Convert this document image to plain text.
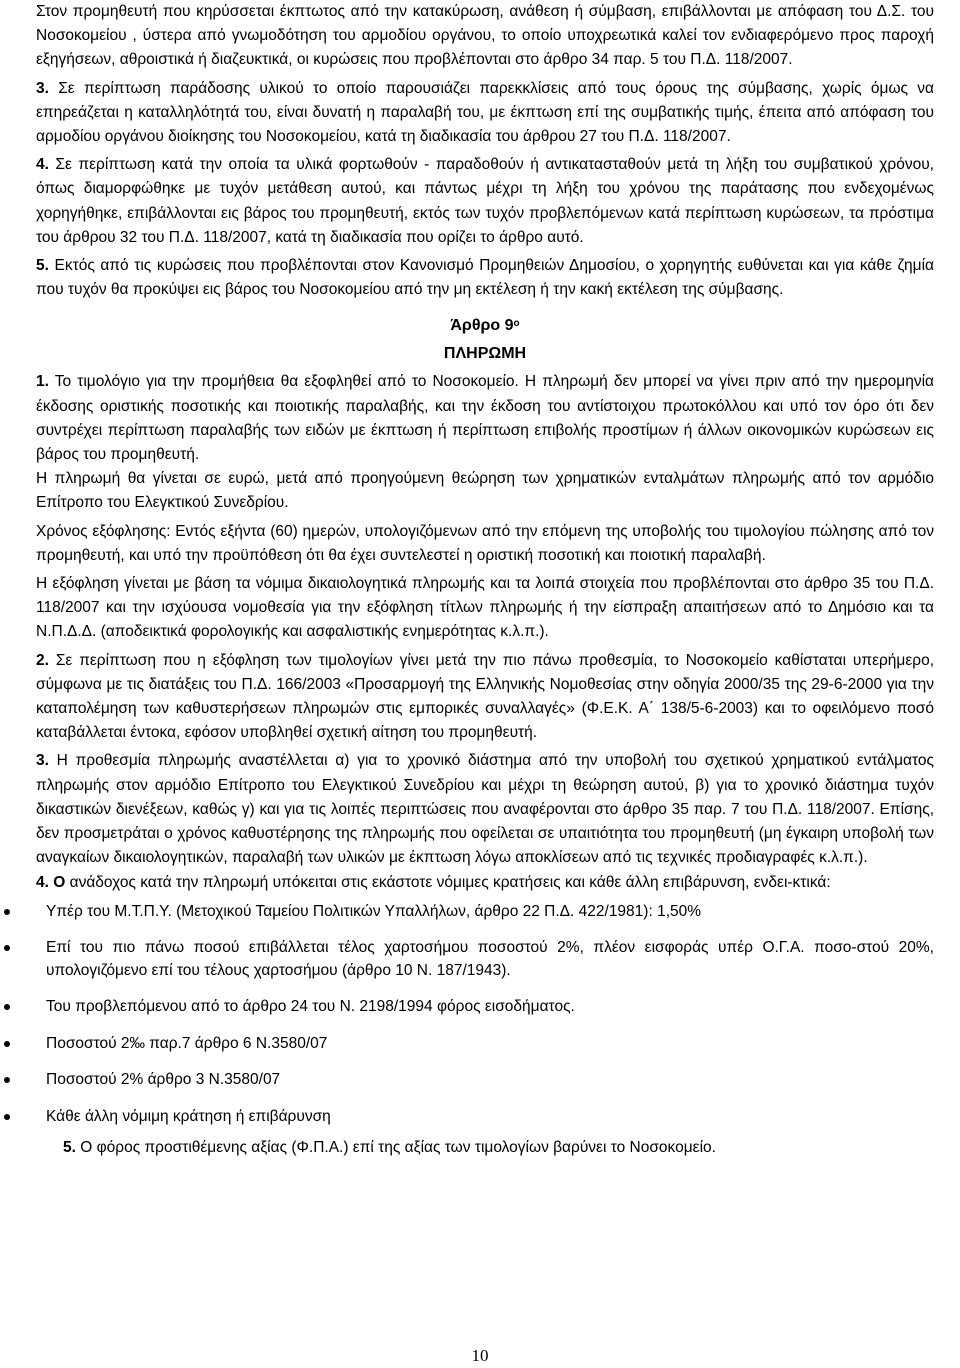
Στον προμηθευτή που κηρύσσεται έκπτωτος από την κατακύρωση, ανάθεση ή σύμβαση, επιβάλλονται με απόφαση του Δ.Σ. του Νοσοκομείου , ύστερα από γνωμοδότηση του αρμοδίου οργάνου, το οποίο υποχρεωτικά καλεί τον ενδιαφερόμενο προς παροχή εξηγήσεων, αθροιστικά ή διαζευκτικά, οι κυρώσεις που προβλέπονται στο άρθρο 34 παρ. 5 του Π.Δ. 118/2007.

3. Σε περίπτωση παράδοσης υλικού το οποίο παρουσιάζει παρεκκλίσεις από τους όρους της σύμβασης, χωρίς όμως να επηρεάζεται η καταλληλότητά του, είναι δυνατή η παραλαβή του, με έκπτωση επί της συμβατικής τιμής, έπειτα από απόφαση του αρμοδίου οργάνου διοίκησης του Νοσοκομείου, κατά τη διαδικασία του άρθρου 27 του Π.Δ. 118/2007.

4. Σε περίπτωση κατά την οποία τα υλικά φορτωθούν - παραδοθούν ή αντικατασταθούν μετά τη λήξη του συμβατικού χρόνου, όπως διαμορφώθηκε με τυχόν μετάθεση αυτού, και πάντως μέχρι τη λήξη του χρόνου της παράτασης που ενδεχομένως χορηγήθηκε, επιβάλλονται εις βάρος του προμηθευτή, εκτός των τυχόν προβλεπόμενων κατά περίπτωση κυρώσεων, τα πρόστιμα του άρθρου 32 του Π.Δ. 118/2007, κατά τη διαδικασία που ορίζει το άρθρο αυτό.

5. Εκτός από τις κυρώσεις που προβλέπονται στον Κανονισμό Προμηθειών Δημοσίου, ο χορηγητής ευθύνεται και για κάθε ζημία που τυχόν θα προκύψει εις βάρος του Νοσοκομείου από την μη εκτέλεση ή την κακή εκτέλεση της σύμβασης.

Άρθρο $9^o$

ΠΛΗΡΩΜΗ

1. Το τιμολόγιο για την προμήθεια θα εξοφληθεί από το Νοσοκομείο. Η πληρωμή δεν μπορεί να γίνει πριν από την ημερομηνία έκδοσης οριστικής ποσοτικής και ποιοτικής παραλαβής, και την έκδοση του αντίστοιχου πρωτοκόλλου και υπό τον όρο ότι δεν συντρέχει περίπτωση παραλαβής των ειδών με έκπτωση ή περίπτωση επιβολής προστίμων ή άλλων οικονομικών κυρώσεων εις βάρος του προμηθευτή.

Η πληρωμή θα γίνεται σε ευρώ, μετά από προηγούμενη θεώρηση των χρηματικών ενταλμάτων πληρωμής από τον αρμόδιο Επίτροπο του Ελεγκτικού Συνεδρίου.

Χρόνος εξόφλησης: Εντός εξήντα (60) ημερών, υπολογιζόμενων από την επόμενη της υποβολής του τιμολογίου πώλησης από τον προμηθευτή, και υπό την προϋπόθεση ότι θα έχει συντελεστεί η οριστική ποσοτική και ποιοτική παραλαβή.

Η εξόφληση γίνεται με βάση τα νόμιμα δικαιολογητικά πληρωμής και τα λοιπά στοιχεία που προβλέπονται στο άρθρο 35 του Π.Δ. 118/2007 και την ισχύουσα νομοθεσία για την εξόφληση τίτλων πληρωμής ή την είσπραξη απαιτήσεων από το Δημόσιο και τα Ν.Π.Δ.Δ. (αποδεικτικά φορολογικής και ασφαλιστικής ενημερότητας κ.λ.π.).

2. Σε περίπτωση που η εξόφληση των τιμολογίων γίνει μετά την πιο πάνω προθεσμία, το Νοσοκομείο καθίσταται υπερήμερο, σύμφωνα με τις διατάξεις του Π.Δ. 166/2003 «Προσαρμογή της Ελληνικής Νομοθεσίας στην οδηγία 2000/35 της 29-6-2000 για την καταπολέμηση των καθυστερήσεων πληρωμών στις εμπορικές συναλλαγές» (Φ.Ε.Κ. Α΄ 138/5-6-2003) και το οφειλόμενο ποσό καταβάλλεται έντοκα, εφόσον υποβληθεί σχετική αίτηση του προμηθευτή.

3. Η προθεσμία πληρωμής αναστέλλεται α) για το χρονικό διάστημα από την υποβολή του σχετικού χρηματικού εντάλματος πληρωμής στον αρμόδιο Επίτροπο του Ελεγκτικού Συνεδρίου και μέχρι τη θεώρηση αυτού, β) για το χρονικό διάστημα τυχόν δικαστικών διενέξεων, καθώς γ) και για τις λοιπές περιπτώσεις που αναφέρονται στο άρθρο 35 παρ. 7 του Π.Δ. 118/2007. Επίσης, δεν προσμετράται ο χρόνος καθυστέρησης της πληρωμής που οφείλεται σε υπαιτιότητα του προμηθευτή (μη έγκαιρη υποβολή των αναγκαίων δικαιολογητικών, παραλαβή των υλικών με έκπτωση λόγω αποκλίσεων από τις τεχνικές προδιαγραφές κ.λ.π.).

4. Ο ανάδοχος κατά την πληρωμή υπόκειται στις εκάστοτε νόμιμες κρατήσεις και κάθε άλλη επιβάρυνση, ενδει-κτικά:

Υπέρ του Μ.Τ.Π.Υ. (Μετοχικού Ταμείου Πολιτικών Υπαλλήλων, άρθρο 22 Π.Δ. 422/1981): 1,50%
Επί του πιο πάνω ποσού επιβάλλεται τέλος χαρτοσήμου ποσοστού 2%, πλέον εισφοράς υπέρ Ο.Γ.Α. ποσο-στού 20%, υπολογιζόμενο επί του τέλους χαρτοσήμου (άρθρο 10 Ν. 187/1943).
Του προβλεπόμενου από το άρθρο 24 του Ν. 2198/1994 φόρος εισοδήματος.
Ποσοστού 2‰ παρ.7 άρθρο 6 Ν.3580/07
Ποσοστού 2% άρθρο 3 Ν.3580/07
Κάθε άλλη νόμιμη κράτηση ή επιβάρυνση

5. Ο φόρος προστιθέμενης αξίας (Φ.Π.Α.) επί της αξίας των τιμολογίων βαρύνει το Νοσοκομείο.

10
